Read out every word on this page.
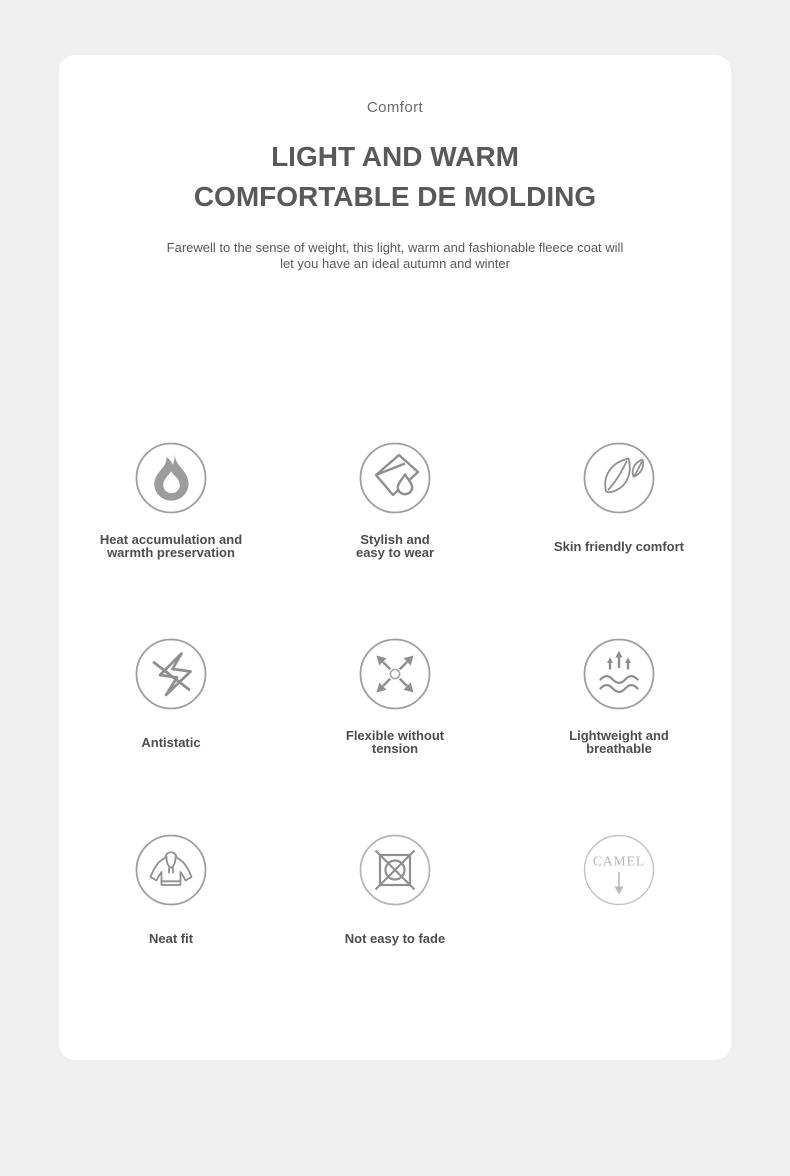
Comfort
LIGHT AND WARM
COMFORTABLE DE MOLDING
Farewell to the sense of weight, this light, warm and fashionable fleece coat will
let you have an ideal autumn and winter
Heat accumulation and
warmth preservation
Stylish and
easy to wear	Skin friendly comfort
Antistatic	Flexible without
tension
Lightweight and
breathable
Neat fit	Not easy to fade
CAMEL
